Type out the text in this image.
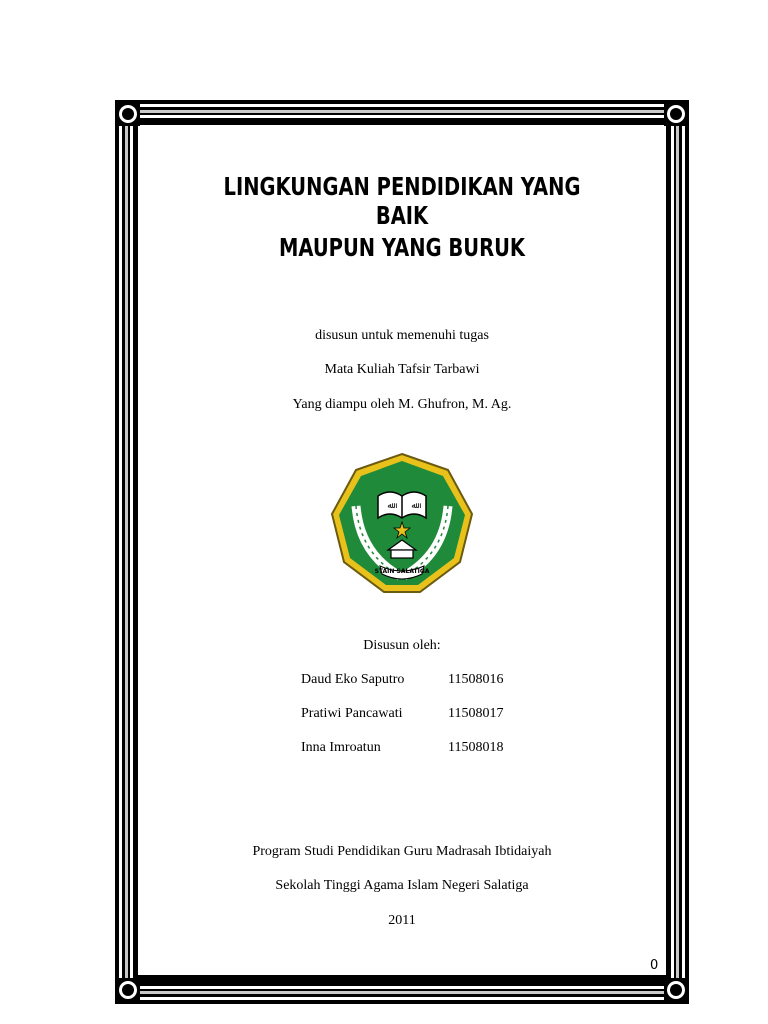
LINGKUNGAN PENDIDIKAN YANG BAIK
MAUPUN YANG BURUK
disusun untuk memenuhi tugas
Mata Kuliah Tafsir Tarbawi
Yang diampu oleh M. Ghufron, M. Ag.
ﷲ	ﷲ
STAIN SALATIGA
Disusun oleh:
Daud Eko Saputro	11508016
Pratiwi Pancawati	11508017
Inna Imroatun	11508018
Program Studi Pendidikan Guru Madrasah Ibtidaiyah
Sekolah Tinggi Agama Islam Negeri Salatiga
2011
0
